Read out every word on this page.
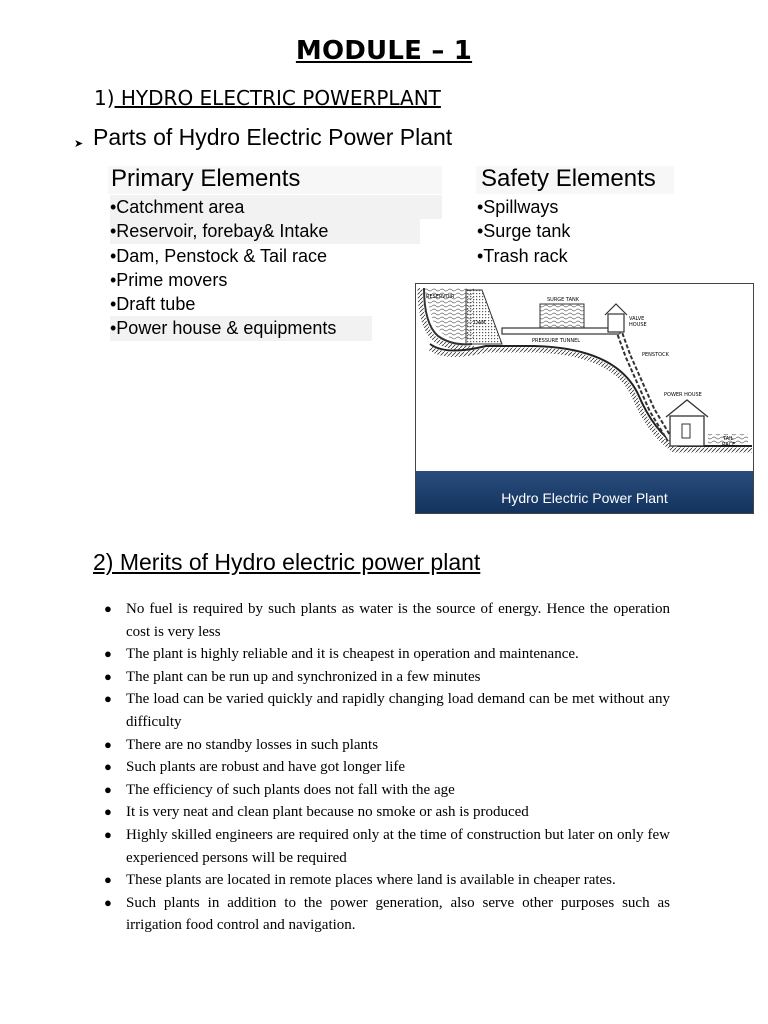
MODULE – 1
1) HYDRO ELECTRIC POWERPLANT
➤ Parts of Hydro Electric Power Plant
Primary Elements	Safety Elements
•Catchment area
•Reservoir, forebay& Intake
•Dam, Penstock & Tail race
•Prime movers
•Draft tube
•Power house & equipments
•Spillways
•Surge tank
•Trash rack
RESERVOIR
DAM
SURGE TANK
VALVE
HOUSE
PRESSURE TUNNEL
PENSTOCK
POWER HOUSE
TAIL
RACE
Hydro Electric Power Plant
2) Merits of Hydro electric power plant
● No fuel is required by such plants as water is the source of energy. Hence the operation cost is very less
● The plant is highly reliable and it is cheapest in operation and maintenance.
● The plant can be run up and synchronized in a few minutes
● The load can be varied quickly and rapidly changing load demand can be met without any difficulty
● There are no standby losses in such plants
● Such plants are robust and have got longer life
● The efficiency of such plants does not fall with the age
● It is very neat and clean plant because no smoke or ash is produced
● Highly skilled engineers are required only at the time of construction but later on only few experienced persons will be required
● These plants are located in remote places where land is available in cheaper rates.
● Such plants in addition to the power generation, also serve other purposes such as irrigation food control and navigation.
